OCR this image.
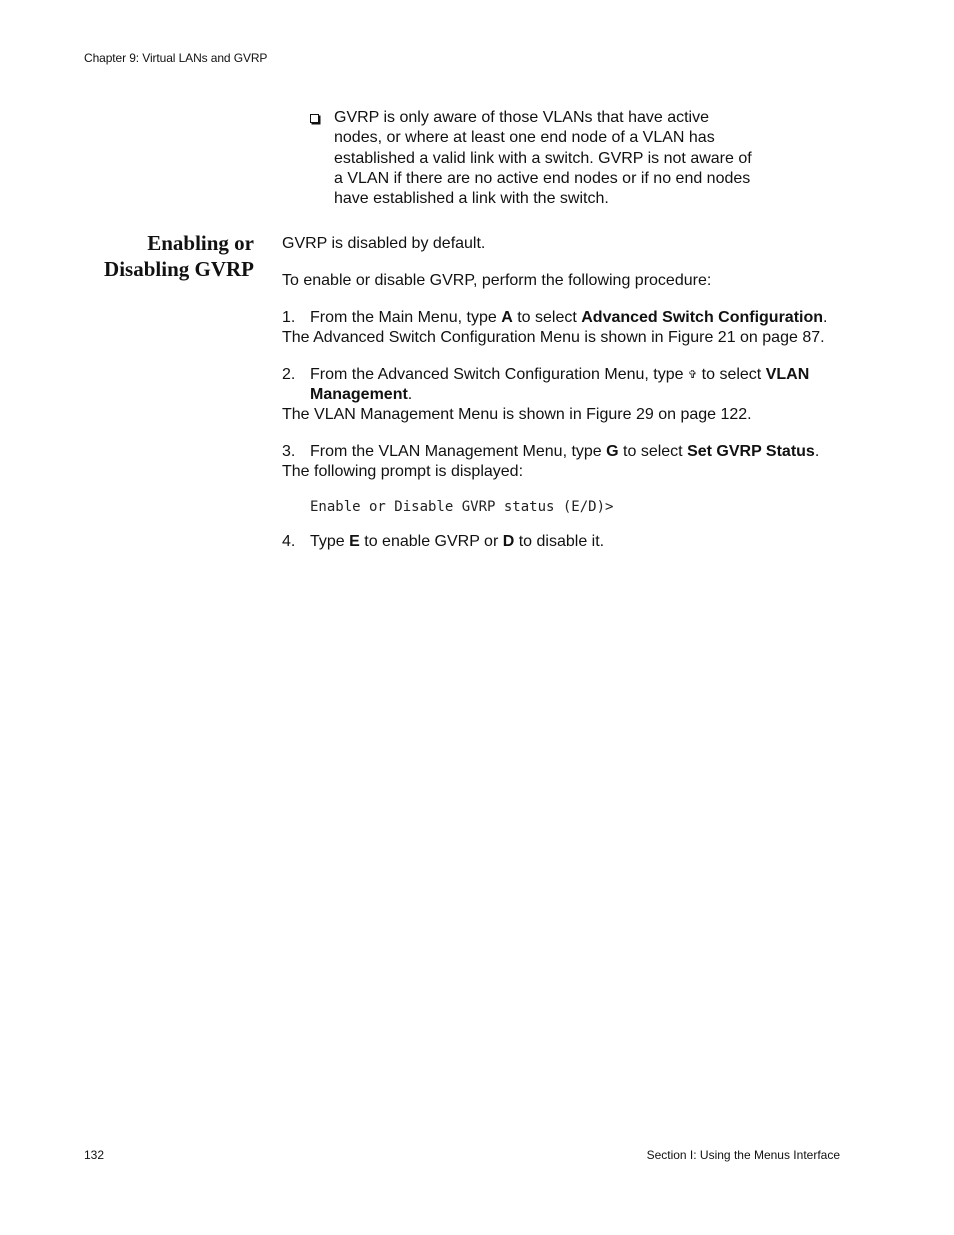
Chapter 9: Virtual LANs and GVRP
GVRP is only aware of those VLANs that have active nodes, or where at least one end node of a VLAN has established a valid link with a switch. GVRP is not aware of a VLAN if there are no active end nodes or if no end nodes have established a link with the switch.
Enabling or
Disabling GVRP

GVRP is disabled by default.

To enable or disable GVRP, perform the following procedure:

1. From the Main Menu, type A to select Advanced Switch Configuration.

The Advanced Switch Configuration Menu is shown in Figure 21 on page 87.

2. From the Advanced Switch Configuration Menu, type ✞ to select VLAN Management.

The VLAN Management Menu is shown in Figure 29 on page 122.

3. From the VLAN Management Menu, type G to select Set GVRP Status.

The following prompt is displayed:

Enable or Disable GVRP status (E/D)>
4. Type E to enable GVRP or D to disable it.
132	Section I: Using the Menus Interface
